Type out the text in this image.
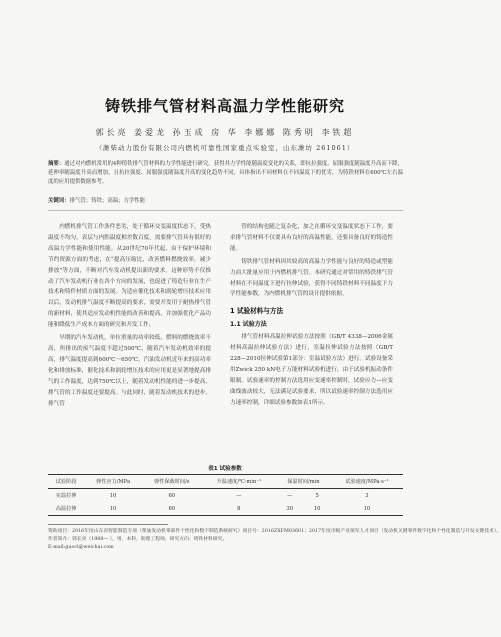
铸铁排气管材料高温力学性能研究
郭长亮 姜爱龙 孙玉成 房 华 李娜娜 陈秀明 李铁超
（潍柴动力股份有限公司内燃机可靠性国家重点实验室，山东潍坊 261061）
摘要：通过对内燃机常用的4种铸铁排气管材料的力学性能进行研究，获得其力学性能随温度变化的关系，即抗拉强度、屈服强度随温度升高而下降，延伸率随温度升高而增加，且抗拉强度、屈服强度随温度升高的变化趋势不同，具体指出不同材料在不同温度下的优劣，为铸铁材料在600℃左右温度的应用提供数据参考。
关键词：排气管；铸铁；高温；力学性能

内燃机排气管工作条件恶劣，处于循环交变温度状态下，受热温度不均匀，表层与内腔温度相差数百度，需要排气管具有很好的高温力学性能和使用性能。从20世纪70年代起，由于保护环境和节约资源方面的考虑，在“提高压缩比，改善燃料燃烧效率，减少排放”等方面，不断对汽车发动机提出新的要求。这种形势不仅推动了汽车发动机行业在各个方向的发展，也促进了铸造行业在生产技术和铸件材质方面的发展。为适应催化技术和涡轮增压技术应用以后，发动机排气温度不断提高的要求，需要开发用于耐热排气管的新材料，使其适应发动机性能的改善和提高，并加强优化产品功能和降低生产成本方面的研究和开发工作。

早期的汽车发动机，单位重量的功率较低，燃料的燃烧效率不高，所排出的废气温度不超过500℃，随着汽车发动机效率的提高，排气温度提高到600℃～650℃。汽油发动机近年来的高功率化和排放标准，催化技术和涡轮增压技术的应用更是显著地提高排气的工作温度，达到750℃以上，随着发动机性能的进一步提高，排气管的工作温度还要提高。与此同时，随着发动机技术的进步，排气管

管的结构也随之复杂化，加之在循环交变温度状态下工作，要求排气管材料不仅要具有良好的高温性能，还要具备良好的铸造性能。

铸铁排气管材料因其较高的高温力学性能与良好的铸造或型能力而大批量应用于内燃机排气管。本研究通过对常用的铸铁排气管材料在不同温度下进行拉伸试验，获得不同铸铁材料不同温度下力学性能参数，为内燃机排气管的设计提供依据。

1 试验材料与方法
1.1 试验方法

排气管材料高温拉伸试验方法按照（GB/T 4338—2006金属材料高温拉伸试验方法）进行，室温拉伸试验方法按照（GB/T 228—2010拉伸试验第1部分：室温试验方法）进行。试验设备采用Zwick 250 kN电子万能材料试验机进行。由于试验机振动条件限制，试验速率的控制方法选用应变速率控制时，试验应力—应变曲线波动较大，无法满足试验要求，所以试验速率控制方法选用应力速率控制，详细试验参数如表1所示。

表1 试验参数
试验阶段	弹性应力/MPa	弹性保载时间/s	升温速度/℃·min⁻¹	保温时间/min		试验速度/MPa·s⁻¹
室温拉伸	10	60	—	—	5	3
高温拉伸	10	60	8	30	10	10
资助项目：2016年度山东省智能制造专项（柴油发动机零部件个性化和数字制造系统研究）项目号：2016ZXFM03601；2017年度市级产业领军人才项目（发动机关键零件数字化和个性化制造与开发关键技术）。
作者简介：郭长亮（1988— ），男，本科，助理工程师，研究方向：铸铁材料研究。
E-mail:guocl@weichai.com
